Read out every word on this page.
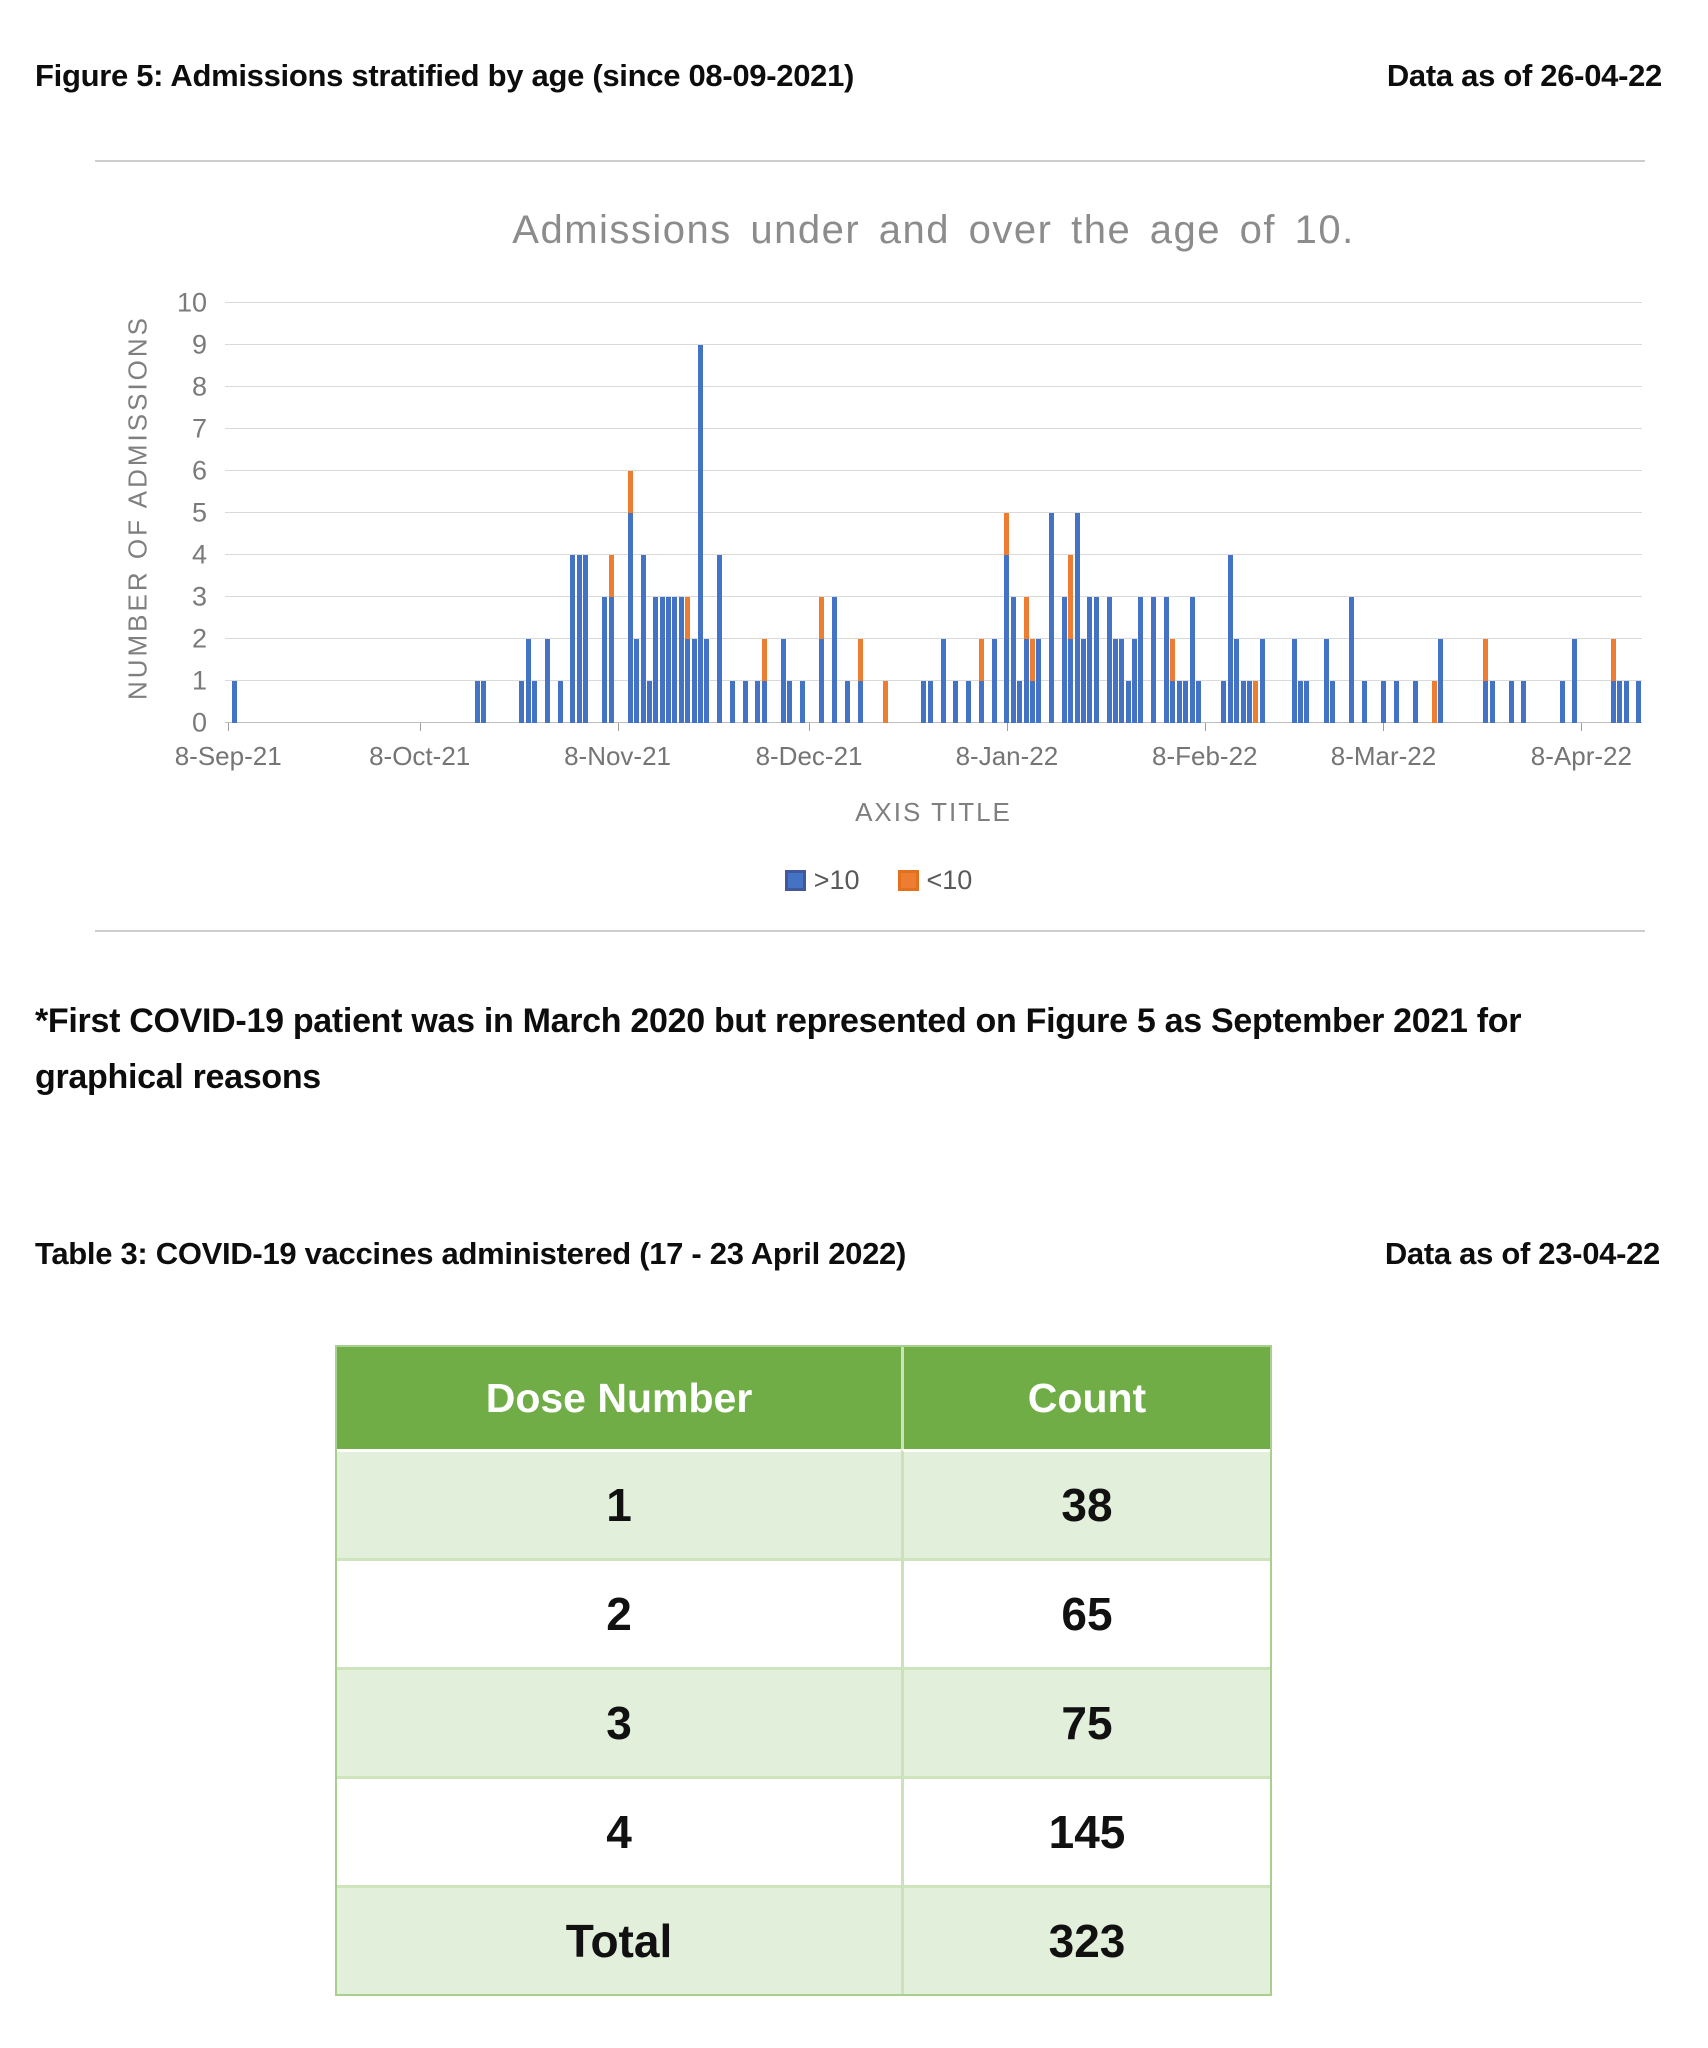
Figure 5: Admissions stratified by age (since 08-09-2021)	Data as of 26-04-22
Admissions under and over the age of 10.
NUMBER OF ADMISSIONS
0
1
2
3
4
5
6
7
8
9
10
8-Sep-21	8-Oct-21	8-Nov-21	8-Dec-21	8-Jan-22	8-Feb-22	8-Mar-22	8-Apr-22
AXIS TITLE
>10 <10
*First COVID-19 patient was in March 2020 but represented on Figure 5 as September 2021 for
graphical reasons
Table 3: COVID-19 vaccines administered (17 - 23 April 2022)	Data as of 23-04-22
Dose Number	Count
1	38
2	65
3	75
4	145
Total	323
